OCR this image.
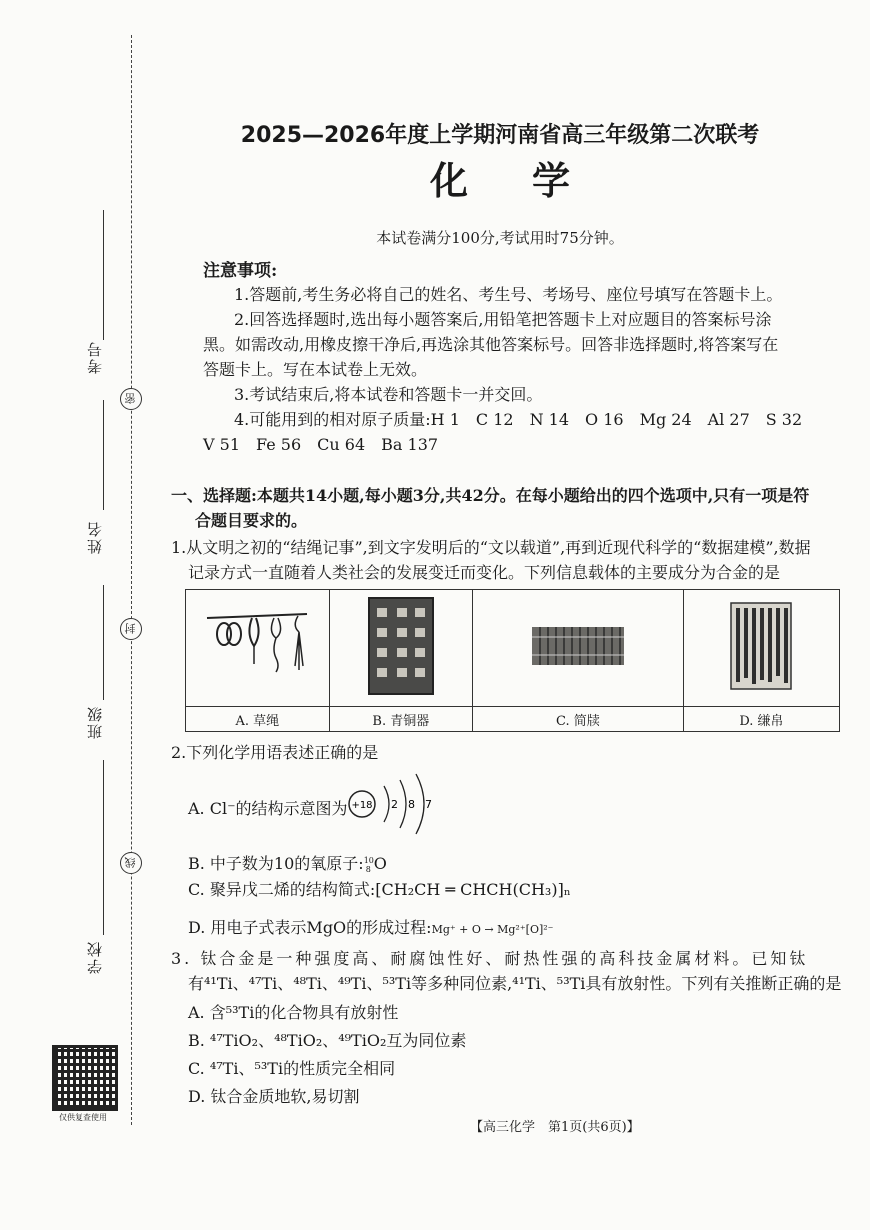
考号
密
姓名
封
班级
线
学校
仅供复查使用
2025—2026年度上学期河南省高三年级第二次联考
化学
本试卷满分100分,考试用时75分钟。
注意事项:
1.答题前,考生务必将自己的姓名、考生号、考场号、座位号填写在答题卡上。
2.回答选择题时,选出每小题答案后,用铅笔把答题卡上对应题目的答案标号涂
黑。如需改动,用橡皮擦干净后,再选涂其他答案标号。回答非选择题时,将答案写在
答题卡上。写在本试卷上无效。
3.考试结束后,将本试卷和答题卡一并交回。
4.可能用到的相对原子质量:H 1　C 12　N 14　O 16　Mg 24　Al 27　S 32
V 51　Fe 56　Cu 64　Ba 137
一、选择题:本题共14小题,每小题3分,共42分。在每小题给出的四个选项中,只有一项是符
合题目要求的。
1.从文明之初的“结绳记事”,到文字发明后的“文以载道”,再到近现代科学的“数据建模”,数据
记录方式一直随着人类社会的发展变迁而变化。下列信息载体的主要成分为合金的是

A. 草绳	B. 青铜器	C. 简牍	D. 缣帛
2.下列化学用语表述正确的是
A. Cl⁻的结构示意图为 +18 2 8 7
B. 中子数为10的氧原子: 10
8 O
C. 聚异戊二烯的结构简式:[CH₂CH ═ CHCH(CH₃)]ₙ
D. 用电子式表示MgO的形成过程:Mg⁺ + O → Mg²⁺[O]²⁻
3. 钛合金是一种强度高、耐腐蚀性好、耐热性强的高科技金属材料。已知钛
有⁴¹Ti、⁴⁷Ti、⁴⁸Ti、⁴⁹Ti、⁵³Ti等多种同位素,⁴¹Ti、⁵³Ti具有放射性。下列有关推断正确的是
A. 含⁵³Ti的化合物具有放射性
B. ⁴⁷TiO₂、⁴⁸TiO₂、⁴⁹TiO₂互为同位素
C. ⁴⁷Ti、⁵³Ti的性质完全相同
D. 钛合金质地软,易切割
【高三化学　第1页(共6页)】
